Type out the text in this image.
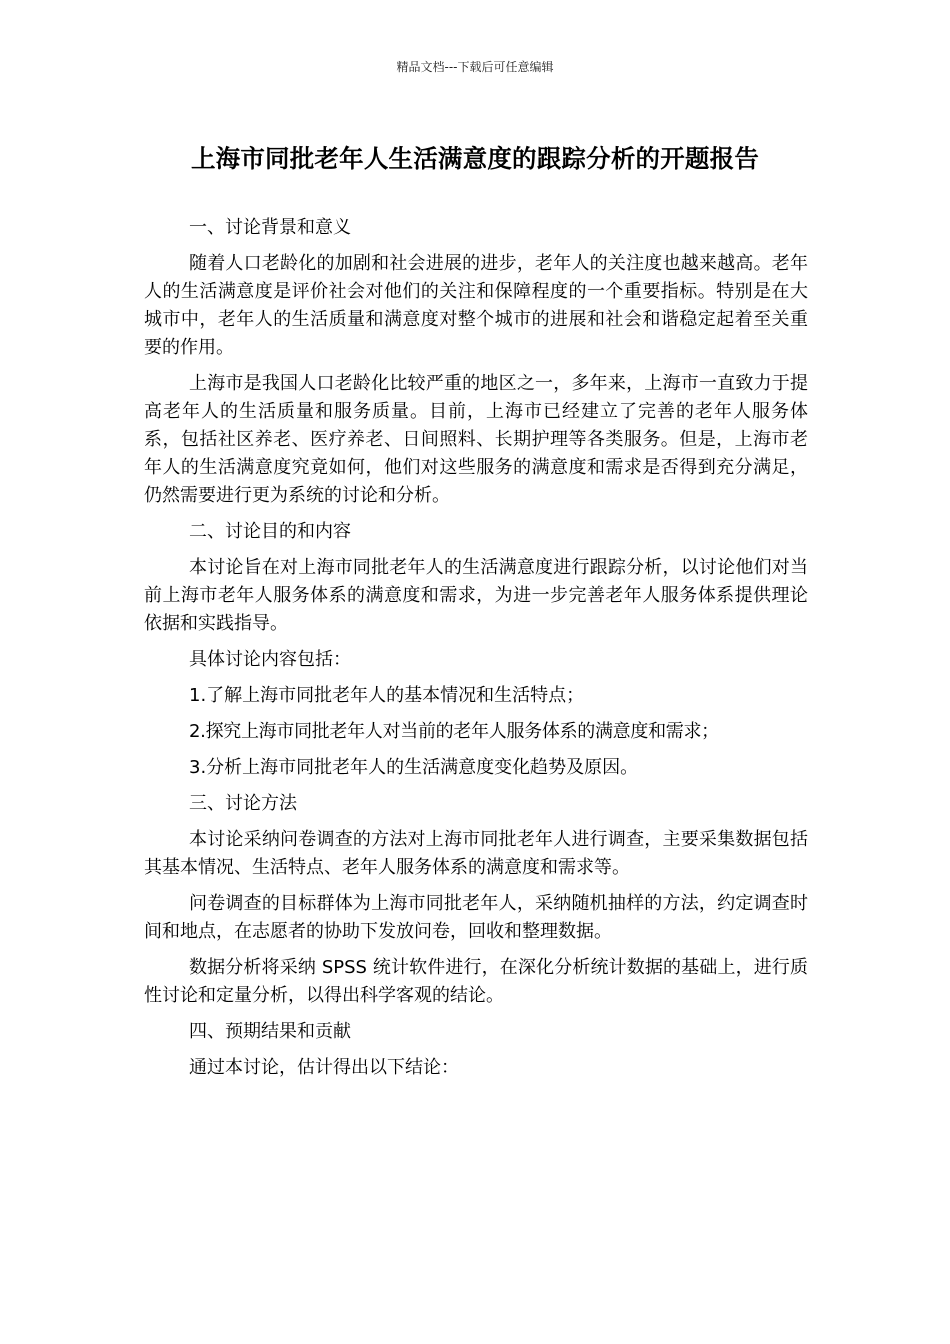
精品文档---下载后可任意编辑
上海市同批老年人生活满意度的跟踪分析的开题报告

一、讨论背景和意义

随着人口老龄化的加剧和社会进展的进步，老年人的关注度也越来越高。老年人的生活满意度是评价社会对他们的关注和保障程度的一个重要指标。特别是在大城市中，老年人的生活质量和满意度对整个城市的进展和社会和谐稳定起着至关重要的作用。

上海市是我国人口老龄化比较严重的地区之一，多年来，上海市一直致力于提高老年人的生活质量和服务质量。目前，上海市已经建立了完善的老年人服务体系，包括社区养老、医疗养老、日间照料、长期护理等各类服务。但是，上海市老年人的生活满意度究竟如何，他们对这些服务的满意度和需求是否得到充分满足，仍然需要进行更为系统的讨论和分析。

二、讨论目的和内容

本讨论旨在对上海市同批老年人的生活满意度进行跟踪分析，以讨论他们对当前上海市老年人服务体系的满意度和需求，为进一步完善老年人服务体系提供理论依据和实践指导。

具体讨论内容包括：

1.了解上海市同批老年人的基本情况和生活特点；

2.探究上海市同批老年人对当前的老年人服务体系的满意度和需求；

3.分析上海市同批老年人的生活满意度变化趋势及原因。

三、讨论方法

本讨论采纳问卷调查的方法对上海市同批老年人进行调查，主要采集数据包括其基本情况、生活特点、老年人服务体系的满意度和需求等。

问卷调查的目标群体为上海市同批老年人，采纳随机抽样的方法，约定调查时间和地点，在志愿者的协助下发放问卷，回收和整理数据。

数据分析将采纳 SPSS 统计软件进行，在深化分析统计数据的基础上，进行质性讨论和定量分析，以得出科学客观的结论。

四、预期结果和贡献

通过本讨论，估计得出以下结论：
